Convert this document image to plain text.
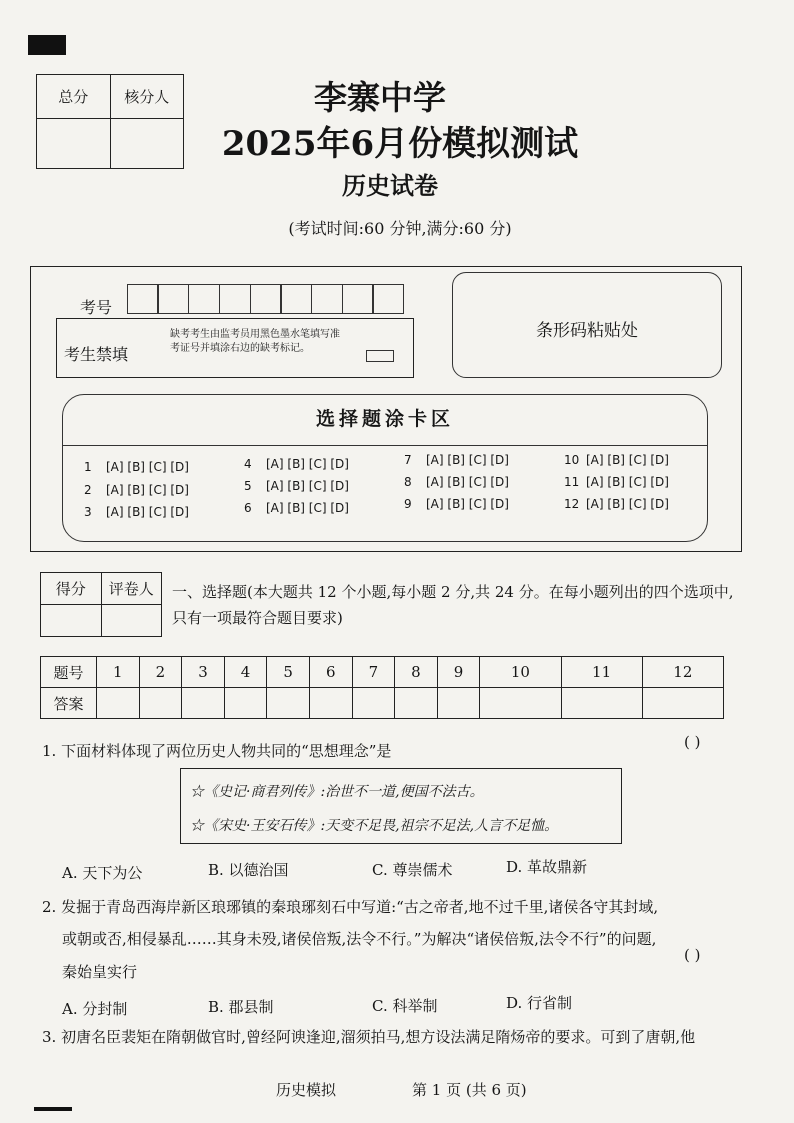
总分	核分人
		李寨中学
2025年6月份模拟测试
历史试卷
(考试时间:60 分钟,满分:60 分)
考号
考生禁填
缺考考生由监考员用黑色墨水笔填写准考证号并填涂右边的缺考标记。
条形码粘贴处
选择题涂卡区
1 [A] [B] [C] [D]
2 [A] [B] [C] [D]
3 [A] [B] [C] [D]
4 [A] [B] [C] [D]
5 [A] [B] [C] [D]
6 [A] [B] [C] [D]
7 [A] [B] [C] [D]
8 [A] [B] [C] [D]
9 [A] [B] [C] [D]
10 [A] [B] [C] [D]
11 [A] [B] [C] [D]
12 [A] [B] [C] [D]
得分	评卷人
	一、选择题(本大题共 12 个小题,每小题 2 分,共 24 分。在每小题列出的四个选项中,只有一项最符合题目要求)
题号	1	2	3	4	5	6	7	8	9	10	11	12
答案												
1. 下面材料体现了两位历史人物共同的“思想理念”是	( )
☆《史记·商君列传》:治世不一道,便国不法古。
☆《宋史·王安石传》:天变不足畏,祖宗不足法,人言不足恤。
A. 天下为公	B. 以德治国	C. 尊崇儒术	D. 革故鼎新
2. 发掘于青岛西海岸新区琅琊镇的秦琅琊刻石中写道:“古之帝者,地不过千里,诸侯各守其封域,
或朝或否,相侵暴乱……其身未殁,诸侯倍叛,法令不行。”为解决“诸侯倍叛,法令不行”的问题,
秦始皇实行
( )
A. 分封制	B. 郡县制	C. 科举制	D. 行省制
3. 初唐名臣裴矩在隋朝做官时,曾经阿谀逢迎,溜须拍马,想方设法满足隋炀帝的要求。可到了唐朝,他
历史模拟	第 1 页 (共 6 页)
